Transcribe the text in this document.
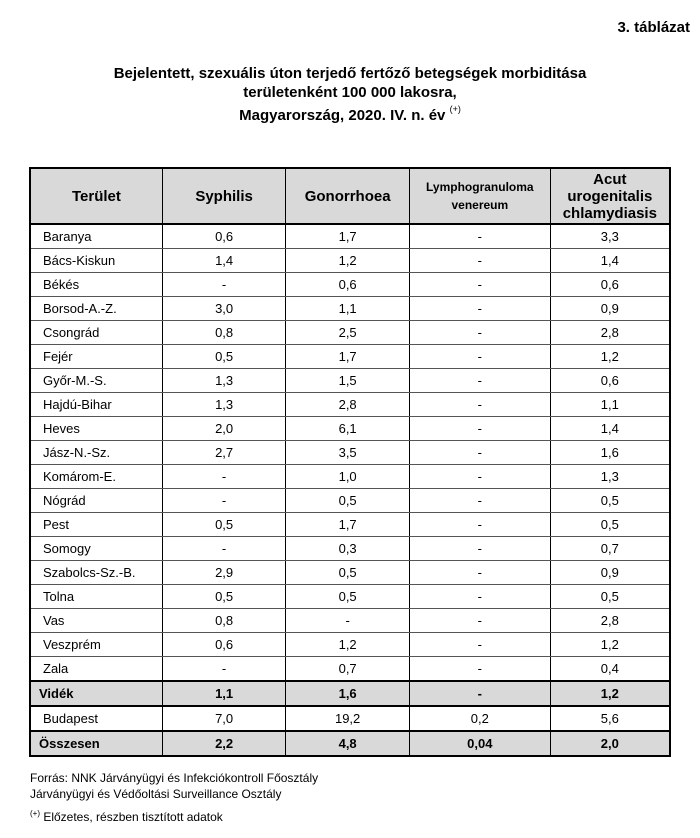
3. táblázat
Bejelentett, szexuális úton terjedő fertőző betegségek morbiditása
területenként 100 000 lakosra,
Magyarország, 2020. IV. n. év (+)
Terület	Syphilis	Gonorrhoea	Lymphogranuloma venereum	Acut urogenitalis chlamydiasis
Baranya	0,6	1,7	-	3,3
Bács-Kiskun	1,4	1,2	-	1,4
Békés	-	0,6	-	0,6
Borsod-A.-Z.	3,0	1,1	-	0,9
Csongrád	0,8	2,5	-	2,8
Fejér	0,5	1,7	-	1,2
Győr-M.-S.	1,3	1,5	-	0,6
Hajdú-Bihar	1,3	2,8	-	1,1
Heves	2,0	6,1	-	1,4
Jász-N.-Sz.	2,7	3,5	-	1,6
Komárom-E.	-	1,0	-	1,3
Nógrád	-	0,5	-	0,5
Pest	0,5	1,7	-	0,5
Somogy	-	0,3	-	0,7
Szabolcs-Sz.-B.	2,9	0,5	-	0,9
Tolna	0,5	0,5	-	0,5
Vas	0,8	-	-	2,8
Veszprém	0,6	1,2	-	1,2
Zala	-	0,7	-	0,4
Vidék	1,1	1,6	-	1,2
Budapest	7,0	19,2	0,2	5,6
Összesen	2,2	4,8	0,04	2,0
Forrás: NNK Járványügyi és Infekciókontroll Főosztály
Járványügyi és Védőoltási Surveillance Osztály
(+) Előzetes, részben tisztított adatok
